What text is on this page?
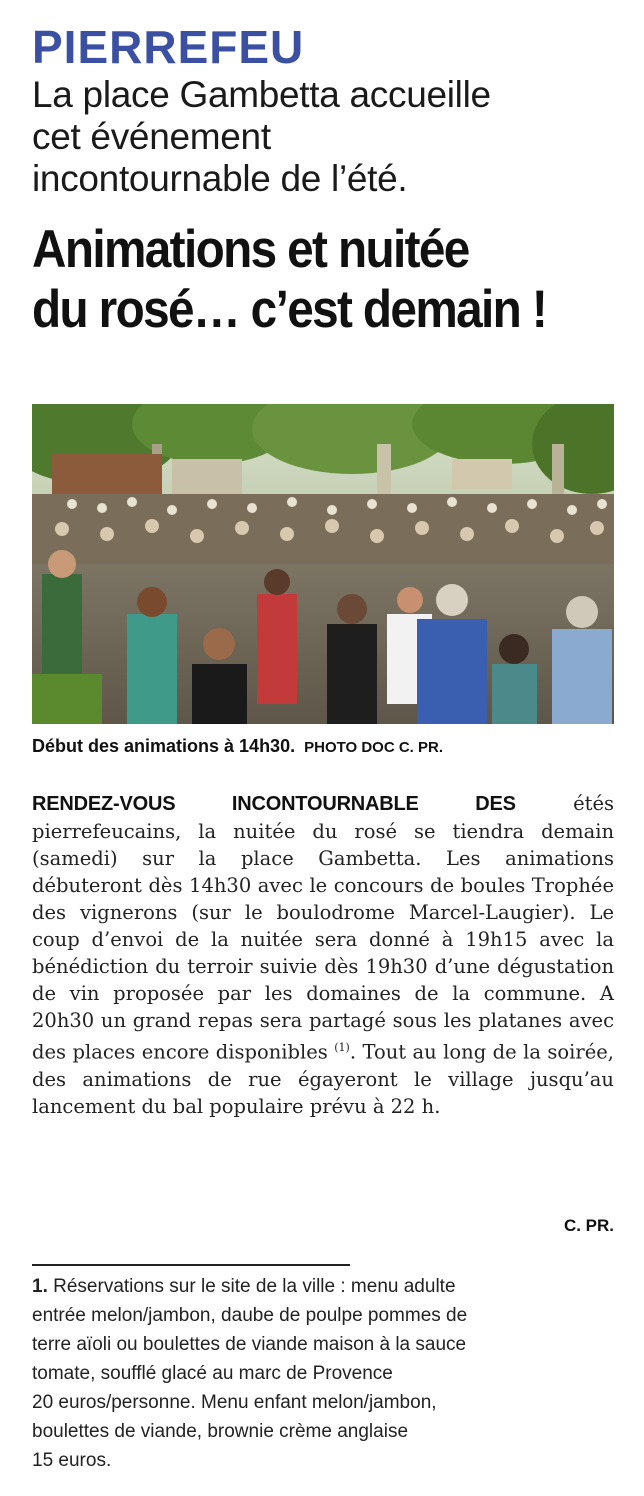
PIERREFEU
La place Gambetta accueille
cet événement
incontournable de l’été.
Animations et nuitée
du rosé… c’est demain !
Début des animations à 14h30. PHOTO DOC C. PR.

RENDEZ-VOUS INCONTOURNABLE DES étés pierrefeucains, la nuitée du rosé se tiendra demain (samedi) sur la place Gambetta. Les animations débuteront dès 14h30 avec le concours de boules Trophée des vignerons (sur le boulodrome Marcel-Laugier). Le coup d’envoi de la nuitée sera donné à 19h15 avec la bénédiction du terroir suivie dès 19h30 d’une dégustation de vin proposée par les domaines de la commune. A 20h30 un grand repas sera partagé sous les platanes avec des places encore disponibles $^{(1)}$. Tout au long de la soirée, des animations de rue égayeront le village jusqu’au lancement du bal populaire prévu à 22 h.

C. PR.
1. Réservations sur le site de la ville : menu adulte
entrée melon/jambon, daube de poulpe pommes de
terre aïoli ou boulettes de viande maison à la sauce
tomate, soufflé glacé au marc de Provence
20 euros/personne. Menu enfant melon/jambon,
boulettes de viande, brownie crème anglaise
15 euros.
